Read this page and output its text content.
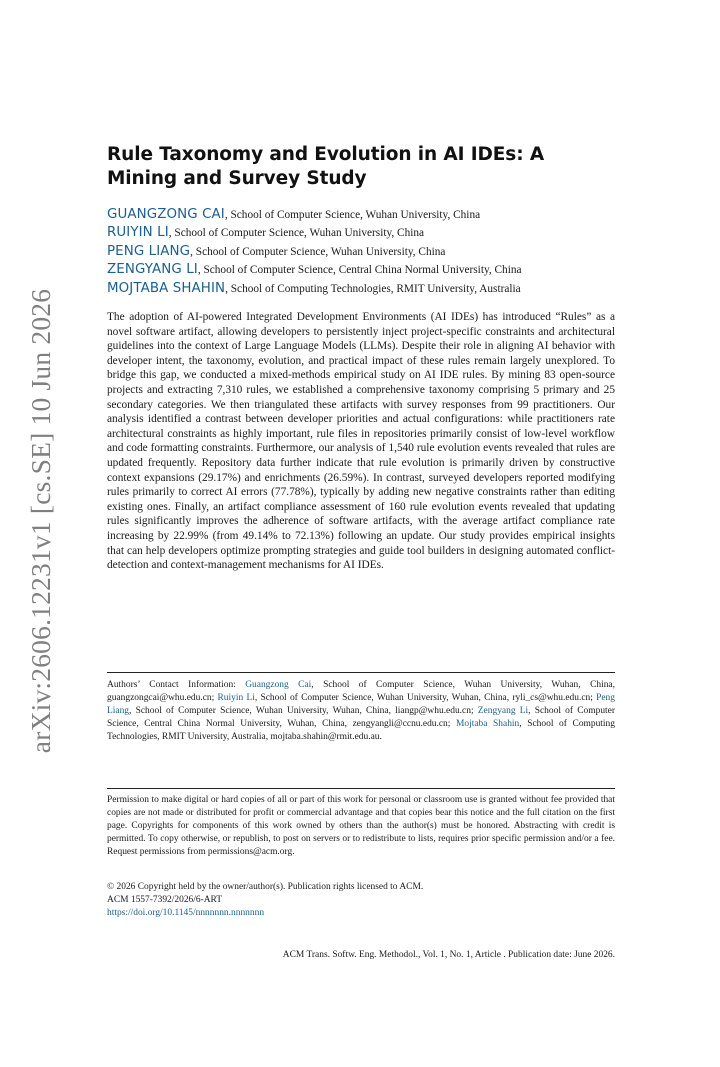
arXiv:2606.12231v1 [cs.SE] 10 Jun 2026
Rule Taxonomy and Evolution in AI IDEs: A Mining and Survey Study
GUANGZONG CAI, School of Computer Science, Wuhan University, China
RUIYIN LI, School of Computer Science, Wuhan University, China
PENG LIANG, School of Computer Science, Wuhan University, China
ZENGYANG LI, School of Computer Science, Central China Normal University, China
MOJTABA SHAHIN, School of Computing Technologies, RMIT University, Australia

The adoption of AI-powered Integrated Development Environments (AI IDEs) has introduced “Rules” as a novel software artifact, allowing developers to persistently inject project-specific constraints and architectural guidelines into the context of Large Language Models (LLMs). Despite their role in aligning AI behavior with developer intent, the taxonomy, evolution, and practical impact of these rules remain largely unexplored. To bridge this gap, we conducted a mixed-methods empirical study on AI IDE rules. By mining 83 open-source projects and extracting 7,310 rules, we established a comprehensive taxonomy comprising 5 primary and 25 secondary categories. We then triangulated these artifacts with survey responses from 99 practitioners. Our analysis identified a contrast between developer priorities and actual configurations: while practitioners rate architectural constraints as highly important, rule files in repositories primarily consist of low-level workflow and code formatting constraints. Furthermore, our analysis of 1,540 rule evolution events revealed that rules are updated frequently. Repository data further indicate that rule evolution is primarily driven by constructive context expansions (29.17%) and enrichments (26.59%). In contrast, surveyed developers reported modifying rules primarily to correct AI errors (77.78%), typically by adding new negative constraints rather than editing existing ones. Finally, an artifact compliance assessment of 160 rule evolution events revealed that updating rules significantly improves the adherence of software artifacts, with the average artifact compliance rate increasing by 22.99% (from 49.14% to 72.13%) following an update. Our study provides empirical insights that can help developers optimize prompting strategies and guide tool builders in designing automated conflict-detection and context-management mechanisms for AI IDEs.

Authors’ Contact Information: Guangzong Cai, School of Computer Science, Wuhan University, Wuhan, China, guangzongcai@whu.edu.cn; Ruiyin Li, School of Computer Science, Wuhan University, Wuhan, China, ryli_cs@whu.edu.cn; Peng Liang, School of Computer Science, Wuhan University, Wuhan, China, liangp@whu.edu.cn; Zengyang Li, School of Computer Science, Central China Normal University, Wuhan, China, zengyangli@ccnu.edu.cn; Mojtaba Shahin, School of Computing Technologies, RMIT University, Australia, mojtaba.shahin@rmit.edu.au.

Permission to make digital or hard copies of all or part of this work for personal or classroom use is granted without fee provided that copies are not made or distributed for profit or commercial advantage and that copies bear this notice and the full citation on the first page. Copyrights for components of this work owned by others than the author(s) must be honored. Abstracting with credit is permitted. To copy otherwise, or republish, to post on servers or to redistribute to lists, requires prior specific permission and/or a fee. Request permissions from permissions@acm.org.

© 2026 Copyright held by the owner/author(s). Publication rights licensed to ACM.
ACM 1557-7392/2026/6-ART
https://doi.org/10.1145/nnnnnnn.nnnnnnn
ACM Trans. Softw. Eng. Methodol., Vol. 1, No. 1, Article . Publication date: June 2026.
